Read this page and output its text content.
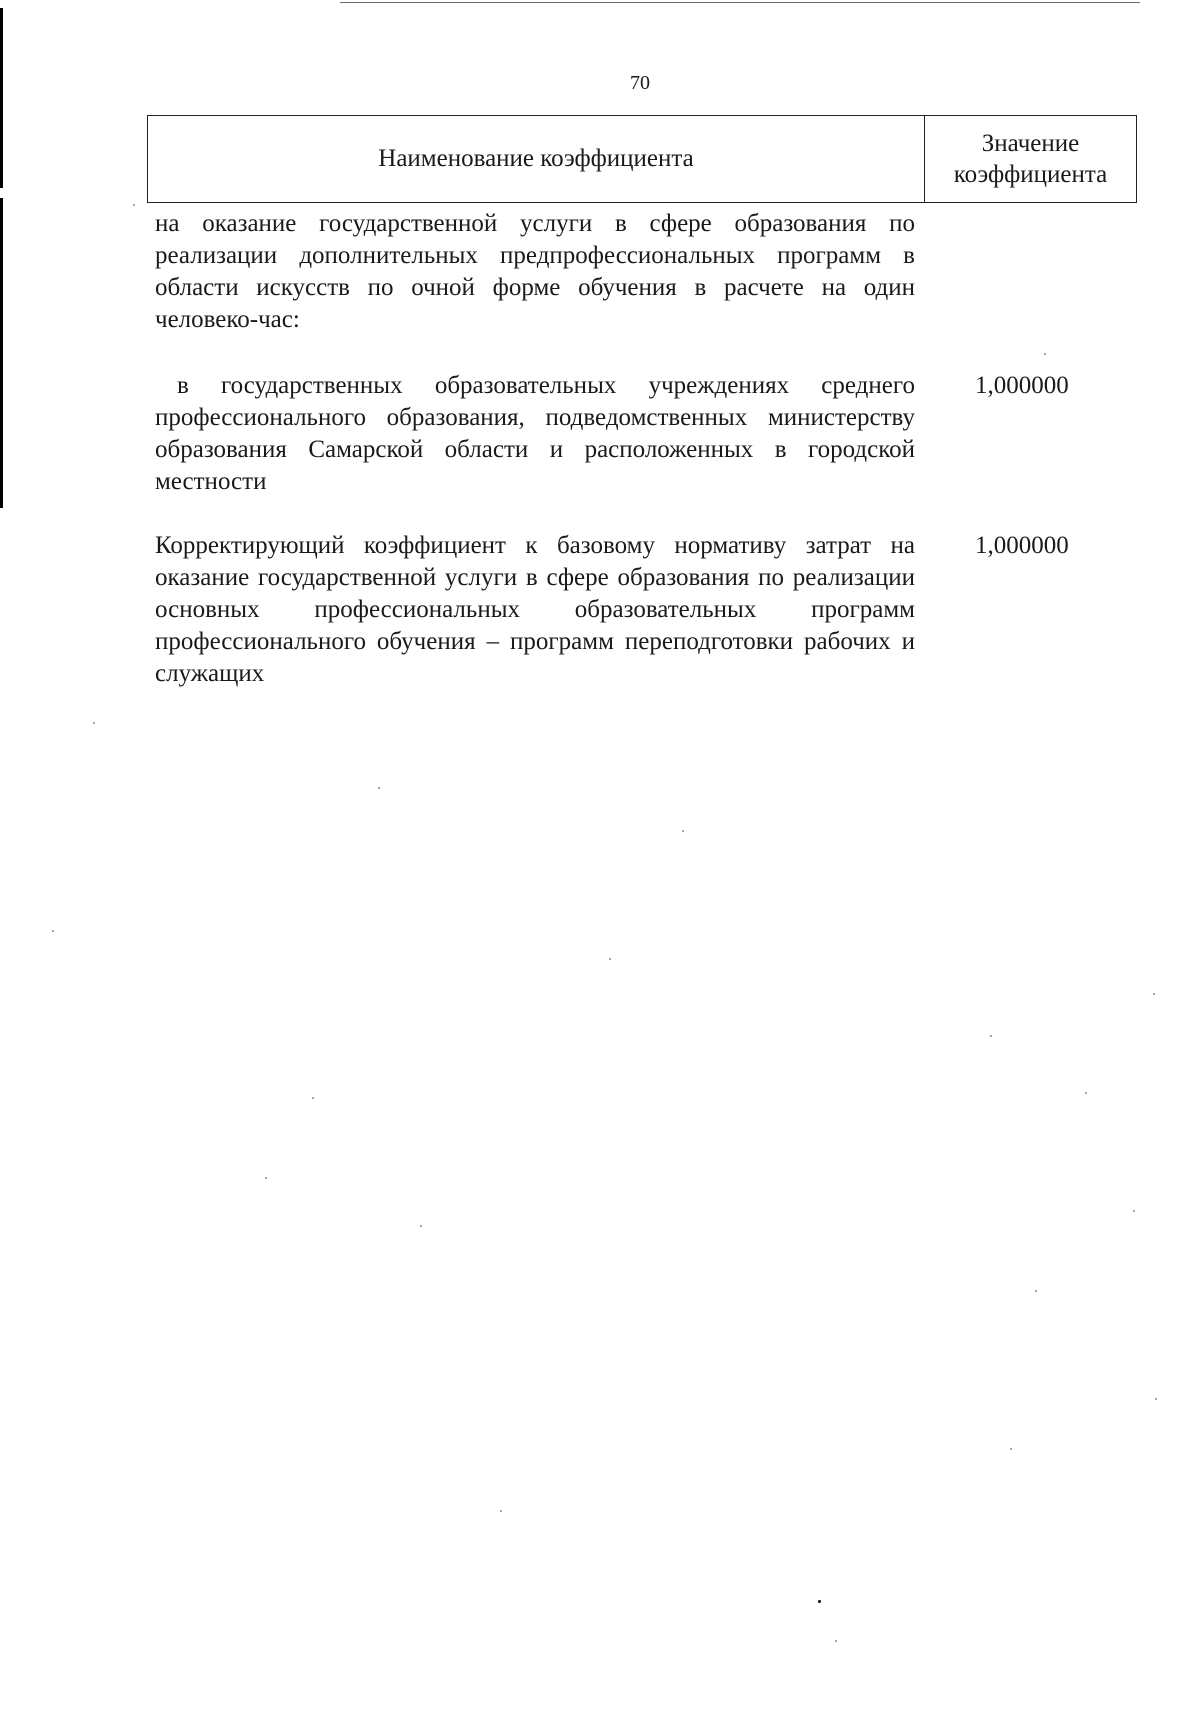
70
Наименование коэффициента
Значение
коэффициента

на оказание государственной услуги в сфере образования по реализации дополнительных предпрофессиональных программ в области искусств по очной форме обучения в расчете на один человеко-час:

в государственных образовательных учреждениях среднего профессионального образования, подведомственных министерству образования Самарской области и расположенных в городской местности

1,000000

Корректирующий коэффициент к базовому нормативу затрат на оказание государственной услуги в сфере образования по реализации основных профессиональных образовательных программ профессионального обучения – программ переподготовки рабочих и служащих

1,000000
